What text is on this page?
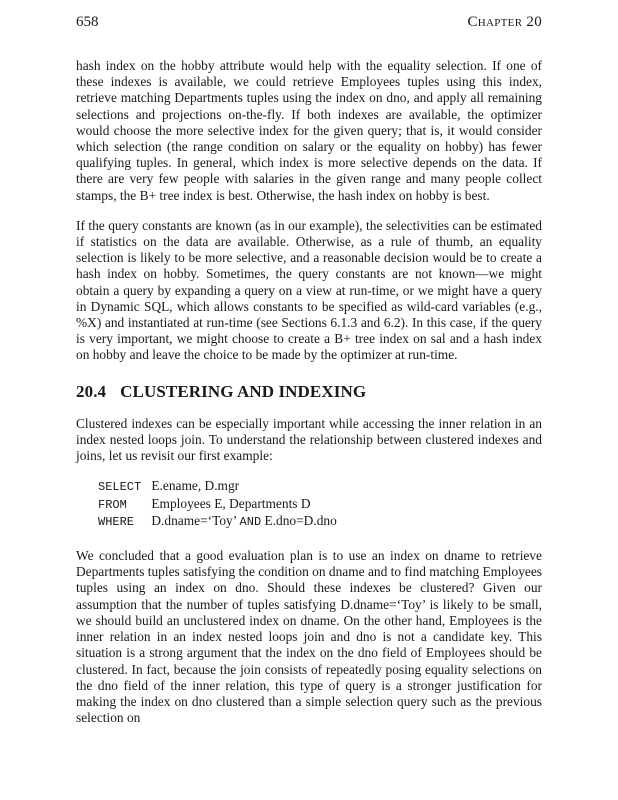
658	Chapter 20

hash index on the hobby attribute would help with the equality selection. If one of these indexes is available, we could retrieve Employees tuples using this index, retrieve matching Departments tuples using the index on dno, and apply all remaining selections and projections on-the-fly. If both indexes are available, the optimizer would choose the more selective index for the given query; that is, it would consider which selection (the range condition on salary or the equality on hobby) has fewer qualifying tuples. In general, which index is more selective depends on the data. If there are very few people with salaries in the given range and many people collect stamps, the B+ tree index is best. Otherwise, the hash index on hobby is best.

If the query constants are known (as in our example), the selectivities can be estimated if statistics on the data are available. Otherwise, as a rule of thumb, an equality selection is likely to be more selective, and a reasonable decision would be to create a hash index on hobby. Sometimes, the query constants are not known—we might obtain a query by expanding a query on a view at run-time, or we might have a query in Dynamic SQL, which allows constants to be specified as wild-card variables (e.g., %X) and instantiated at run-time (see Sections 6.1.3 and 6.2). In this case, if the query is very important, we might choose to create a B+ tree index on sal and a hash index on hobby and leave the choice to be made by the optimizer at run-time.

20.4 CLUSTERING AND INDEXING

Clustered indexes can be especially important while accessing the inner relation in an index nested loops join. To understand the relationship between clustered indexes and joins, let us revisit our first example:

SELECT E.ename, D.mgr
FROM Employees E, Departments D
WHERE D.dname=‘Toy’ AND E.dno=D.dno

We concluded that a good evaluation plan is to use an index on dname to retrieve Departments tuples satisfying the condition on dname and to find matching Employees tuples using an index on dno. Should these indexes be clustered? Given our assumption that the number of tuples satisfying D.dname=‘Toy’ is likely to be small, we should build an unclustered index on dname. On the other hand, Employees is the inner relation in an index nested loops join and dno is not a candidate key. This situation is a strong argument that the index on the dno field of Employees should be clustered. In fact, because the join consists of repeatedly posing equality selections on the dno field of the inner relation, this type of query is a stronger justification for making the index on dno clustered than a simple selection query such as the previous selection on
